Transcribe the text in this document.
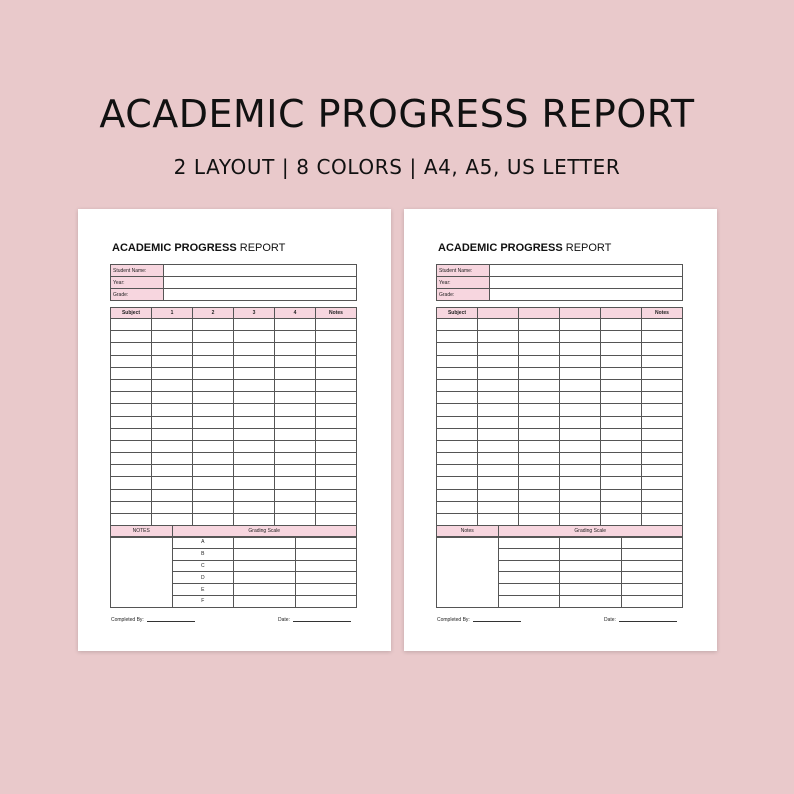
ACADEMIC PROGRESS REPORT
2 LAYOUT | 8 COLORS | A4, A5, US LETTER
ACADEMIC PROGRESS REPORT
Student Name:	
Year:	
Grade:	
Subject	1	2	3	4	Notes

NOTES	Grading Scale		
	A		
	B		
	C		
	D		
	E		
	F		
Completed By:	Date:
ACADEMIC PROGRESS REPORT
Student Name:	
Year:	
Grade:	
Subject					Notes

Notes	Grading Scale		

Completed By:	Date:
